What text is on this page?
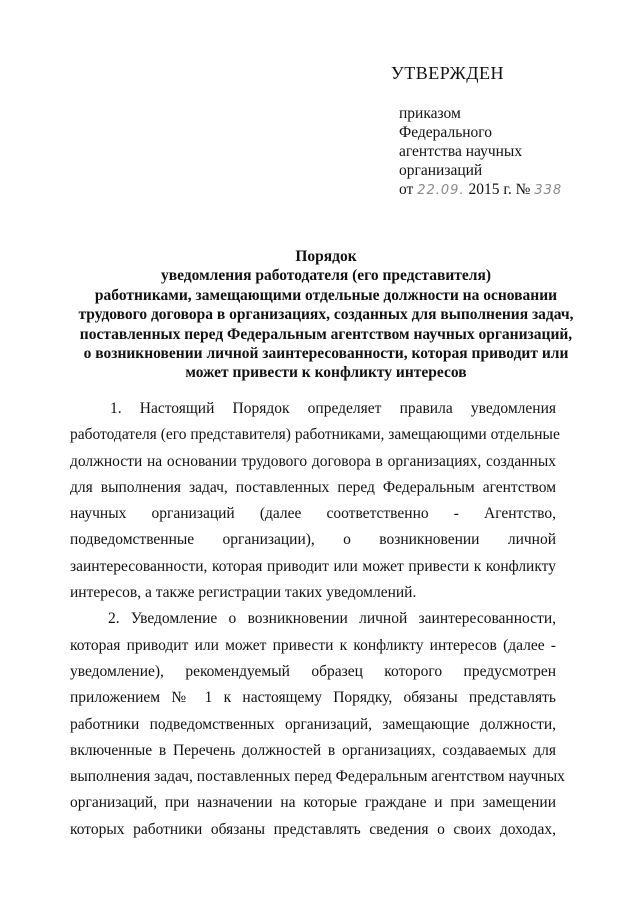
УТВЕРЖДЕН
приказом
Федерального
агентства научных
организаций
от 22.09. 2015 г. № 338
Порядок
уведомления работодателя (его представителя)
работниками, замещающими отдельные должности на основании
трудового договора в организациях, созданных для выполнения задач,
поставленных перед Федеральным агентством научных организаций,
о возникновении личной заинтересованности, которая приводит или
может привести к конфликту интересов
1. Настоящий Порядок определяет правила уведомления
работодателя (его представителя) работниками, замещающими отдельные
должности на основании трудового договора в организациях, созданных
для выполнения задач, поставленных перед Федеральным агентством
научных организаций (далее соответственно - Агентство,
подведомственные организации), о возникновении личной
заинтересованности, которая приводит или может привести к конфликту
интересов, а также регистрации таких уведомлений.
2. Уведомление о возникновении личной заинтересованности,
которая приводит или может привести к конфликту интересов (далее -
уведомление), рекомендуемый образец которого предусмотрен
приложением № 1 к настоящему Порядку, обязаны представлять
работники подведомственных организаций, замещающие должности,
включенные в Перечень должностей в организациях, создаваемых для
выполнения задач, поставленных перед Федеральным агентством научных
организаций, при назначении на которые граждане и при замещении
которых работники обязаны представлять сведения о своих доходах,
